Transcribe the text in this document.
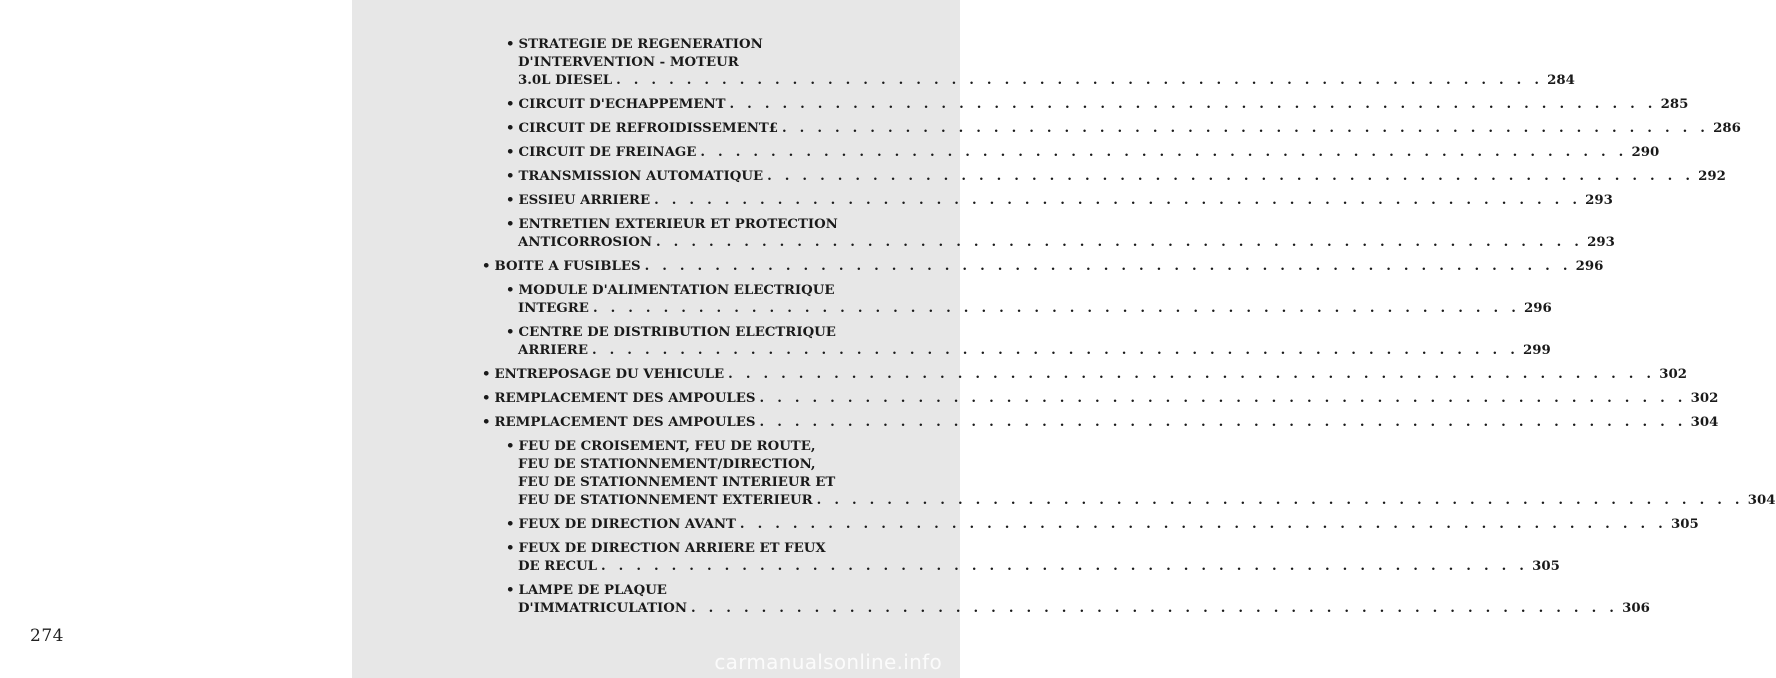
274
• STRATEGIE DE REGENERATION
D'INTERVENTION - MOTEUR
3.0L DIESEL . . . . . . . . . . . . . . . . . . . . . . . . . . . . . . . . . . . . . . . . . . . . . . . . . . . . . 284
• CIRCUIT D'ECHAPPEMENT . . . . . . . . . . . . . . . . . . . . . . . . . . . . . . . . . . . . . . . . . . . . . . . . . . . . . 285
• CIRCUIT DE REFROIDISSEMENT£ . . . . . . . . . . . . . . . . . . . . . . . . . . . . . . . . . . . . . . . . . . . . . . . . . . . . . 286
• CIRCUIT DE FREINAGE . . . . . . . . . . . . . . . . . . . . . . . . . . . . . . . . . . . . . . . . . . . . . . . . . . . . . 290
• TRANSMISSION AUTOMATIQUE . . . . . . . . . . . . . . . . . . . . . . . . . . . . . . . . . . . . . . . . . . . . . . . . . . . . . 292
• ESSIEU ARRIERE . . . . . . . . . . . . . . . . . . . . . . . . . . . . . . . . . . . . . . . . . . . . . . . . . . . . . 293
• ENTRETIEN EXTERIEUR ET PROTECTION
ANTICORROSION . . . . . . . . . . . . . . . . . . . . . . . . . . . . . . . . . . . . . . . . . . . . . . . . . . . . . 293
• BOITE A FUSIBLES . . . . . . . . . . . . . . . . . . . . . . . . . . . . . . . . . . . . . . . . . . . . . . . . . . . . . 296
• MODULE D'ALIMENTATION ELECTRIQUE
INTEGRE . . . . . . . . . . . . . . . . . . . . . . . . . . . . . . . . . . . . . . . . . . . . . . . . . . . . . 296
• CENTRE DE DISTRIBUTION ELECTRIQUE
ARRIERE . . . . . . . . . . . . . . . . . . . . . . . . . . . . . . . . . . . . . . . . . . . . . . . . . . . . . 299
• ENTREPOSAGE DU VEHICULE . . . . . . . . . . . . . . . . . . . . . . . . . . . . . . . . . . . . . . . . . . . . . . . . . . . . . 302
• REMPLACEMENT DES AMPOULES . . . . . . . . . . . . . . . . . . . . . . . . . . . . . . . . . . . . . . . . . . . . . . . . . . . . . 302
• REMPLACEMENT DES AMPOULES . . . . . . . . . . . . . . . . . . . . . . . . . . . . . . . . . . . . . . . . . . . . . . . . . . . . . 304
• FEU DE CROISEMENT, FEU DE ROUTE,
FEU DE STATIONNEMENT/DIRECTION,
FEU DE STATIONNEMENT INTERIEUR ET
FEU DE STATIONNEMENT EXTERIEUR . . . . . . . . . . . . . . . . . . . . . . . . . . . . . . . . . . . . . . . . . . . . . . . . . . . . . 304
• FEUX DE DIRECTION AVANT . . . . . . . . . . . . . . . . . . . . . . . . . . . . . . . . . . . . . . . . . . . . . . . . . . . . . 305
• FEUX DE DIRECTION ARRIERE ET FEUX
DE RECUL . . . . . . . . . . . . . . . . . . . . . . . . . . . . . . . . . . . . . . . . . . . . . . . . . . . . . 305
• LAMPE DE PLAQUE
D'IMMATRICULATION . . . . . . . . . . . . . . . . . . . . . . . . . . . . . . . . . . . . . . . . . . . . . . . . . . . . . 306
carmanualsonline.info
